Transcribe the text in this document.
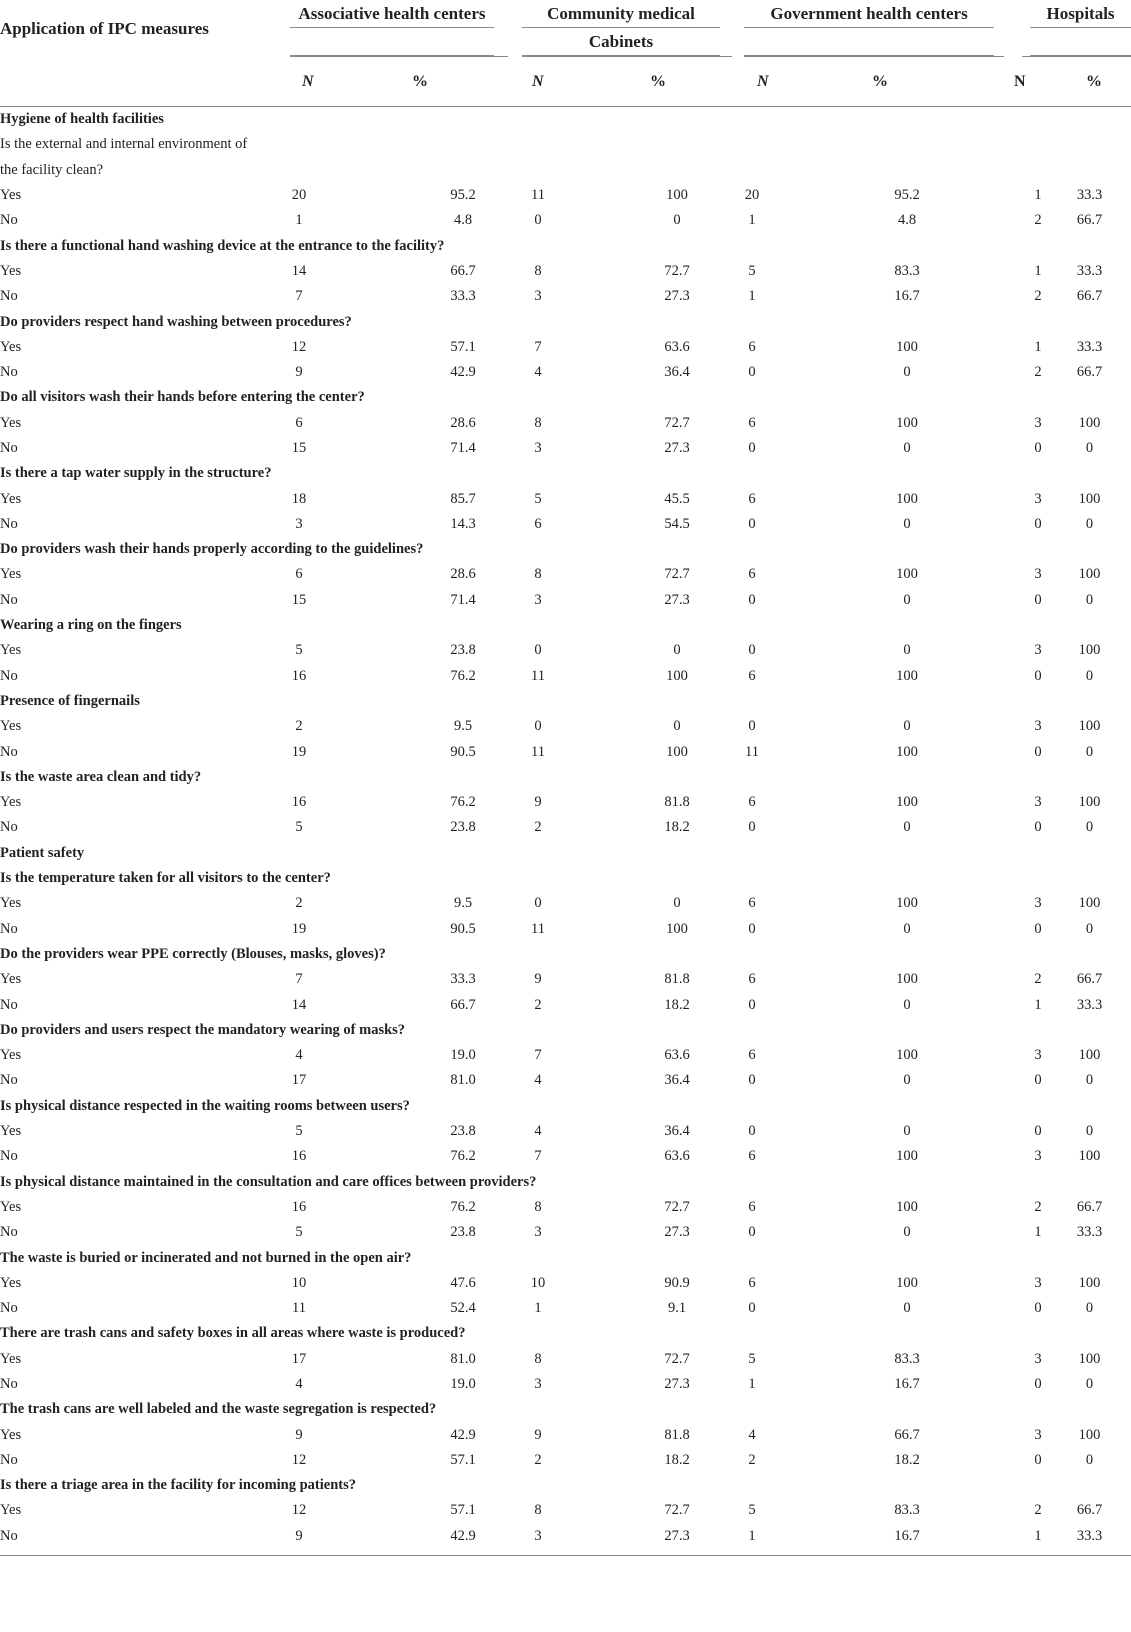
Application of IPC measures	Associative health centers		Community medical
Cabinets		Government health centers		Hospitals	

	N	%	N	%	N	%	N	%
Hygiene of health facilities								
Is the external and internal environment of								
the facility clean?								
Yes	20	95.2	11	100	20	95.2	1	33.3
No	1	4.8	0	0	1	4.8	2	66.7
Is there a functional hand washing device at the entrance to the facility?								
Yes	14	66.7	8	72.7	5	83.3	1	33.3
No	7	33.3	3	27.3	1	16.7	2	66.7
Do providers respect hand washing between procedures?								
Yes	12	57.1	7	63.6	6	100	1	33.3
No	9	42.9	4	36.4	0	0	2	66.7
Do all visitors wash their hands before entering the center?								
Yes	6	28.6	8	72.7	6	100	3	100
No	15	71.4	3	27.3	0	0	0	0
Is there a tap water supply in the structure?								
Yes	18	85.7	5	45.5	6	100	3	100
No	3	14.3	6	54.5	0	0	0	0
Do providers wash their hands properly according to the guidelines?								
Yes	6	28.6	8	72.7	6	100	3	100
No	15	71.4	3	27.3	0	0	0	0
Wearing a ring on the fingers								
Yes	5	23.8	0	0	0	0	3	100
No	16	76.2	11	100	6	100	0	0
Presence of fingernails								
Yes	2	9.5	0	0	0	0	3	100
No	19	90.5	11	100	11	100	0	0
Is the waste area clean and tidy?								
Yes	16	76.2	9	81.8	6	100	3	100
No	5	23.8	2	18.2	0	0	0	0
Patient safety								
Is the temperature taken for all visitors to the center?								
Yes	2	9.5	0	0	6	100	3	100
No	19	90.5	11	100	0	0	0	0
Do the providers wear PPE correctly (Blouses, masks, gloves)?								
Yes	7	33.3	9	81.8	6	100	2	66.7
No	14	66.7	2	18.2	0	0	1	33.3
Do providers and users respect the mandatory wearing of masks?								
Yes	4	19.0	7	63.6	6	100	3	100
No	17	81.0	4	36.4	0	0	0	0
Is physical distance respected in the waiting rooms between users?								
Yes	5	23.8	4	36.4	0	0	0	0
No	16	76.2	7	63.6	6	100	3	100
Is physical distance maintained in the consultation and care offices between providers?								
Yes	16	76.2	8	72.7	6	100	2	66.7
No	5	23.8	3	27.3	0	0	1	33.3
The waste is buried or incinerated and not burned in the open air?								
Yes	10	47.6	10	90.9	6	100	3	100
No	11	52.4	1	9.1	0	0	0	0
There are trash cans and safety boxes in all areas where waste is produced?								
Yes	17	81.0	8	72.7	5	83.3	3	100
No	4	19.0	3	27.3	1	16.7	0	0
The trash cans are well labeled and the waste segregation is respected?								
Yes	9	42.9	9	81.8	4	66.7	3	100
No	12	57.1	2	18.2	2	18.2	0	0
Is there a triage area in the facility for incoming patients?								
Yes	12	57.1	8	72.7	5	83.3	2	66.7
No	9	42.9	3	27.3	1	16.7	1	33.3
